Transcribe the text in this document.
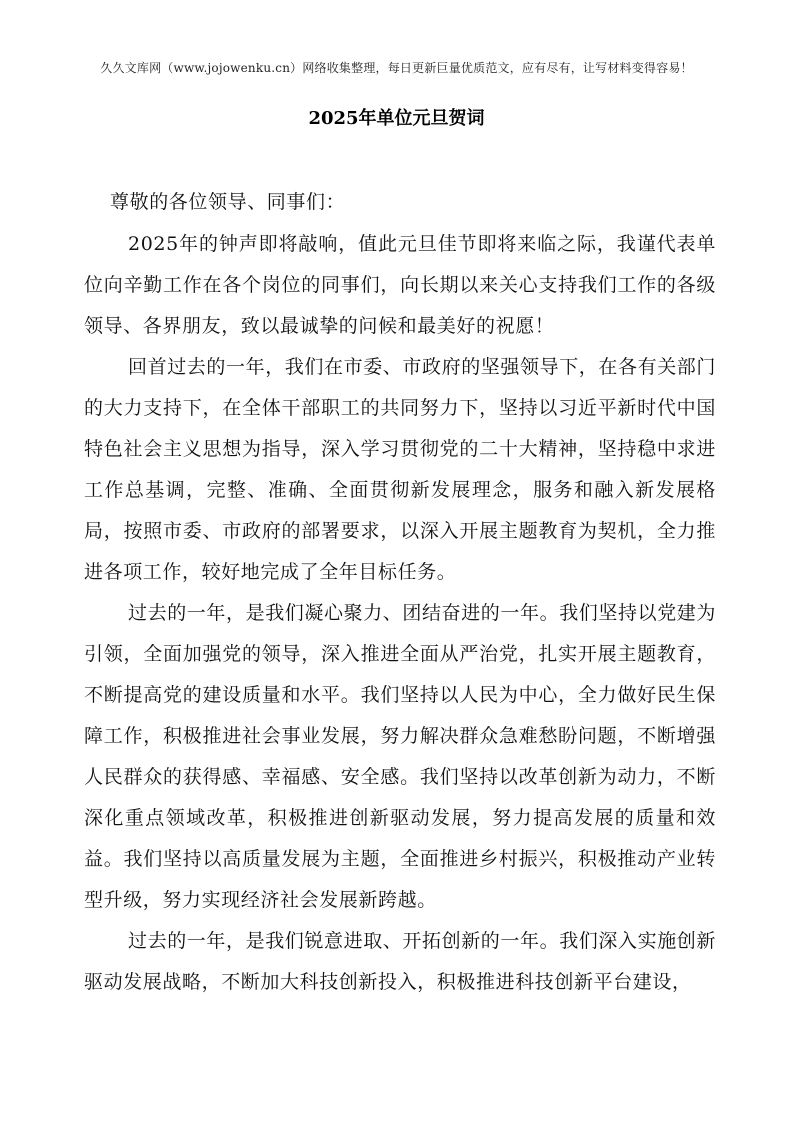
久久文库网（www.jojowenku.cn）网络收集整理，每日更新巨量优质范文，应有尽有，让写材料变得容易！
2025年单位元旦贺词

尊敬的各位领导、同事们：

2025年的钟声即将敲响，值此元旦佳节即将来临之际，我谨代表单位向辛勤工作在各个岗位的同事们，向长期以来关心支持我们工作的各级领导、各界朋友，致以最诚挚的问候和最美好的祝愿！

回首过去的一年，我们在市委、市政府的坚强领导下，在各有关部门的大力支持下，在全体干部职工的共同努力下，坚持以习近平新时代中国特色社会主义思想为指导，深入学习贯彻党的二十大精神，坚持稳中求进工作总基调，完整、准确、全面贯彻新发展理念，服务和融入新发展格局，按照市委、市政府的部署要求，以深入开展主题教育为契机，全力推进各项工作，较好地完成了全年目标任务。

过去的一年，是我们凝心聚力、团结奋进的一年。我们坚持以党建为引领，全面加强党的领导，深入推进全面从严治党，扎实开展主题教育，不断提高党的建设质量和水平。我们坚持以人民为中心，全力做好民生保障工作，积极推进社会事业发展，努力解决群众急难愁盼问题，不断增强人民群众的获得感、幸福感、安全感。我们坚持以改革创新为动力，不断深化重点领域改革，积极推进创新驱动发展，努力提高发展的质量和效益。我们坚持以高质量发展为主题，全面推进乡村振兴，积极推动产业转型升级，努力实现经济社会发展新跨越。

过去的一年，是我们锐意进取、开拓创新的一年。我们深入实施创新驱动发展战略，不断加大科技创新投入，积极推进科技创新平台建设，
